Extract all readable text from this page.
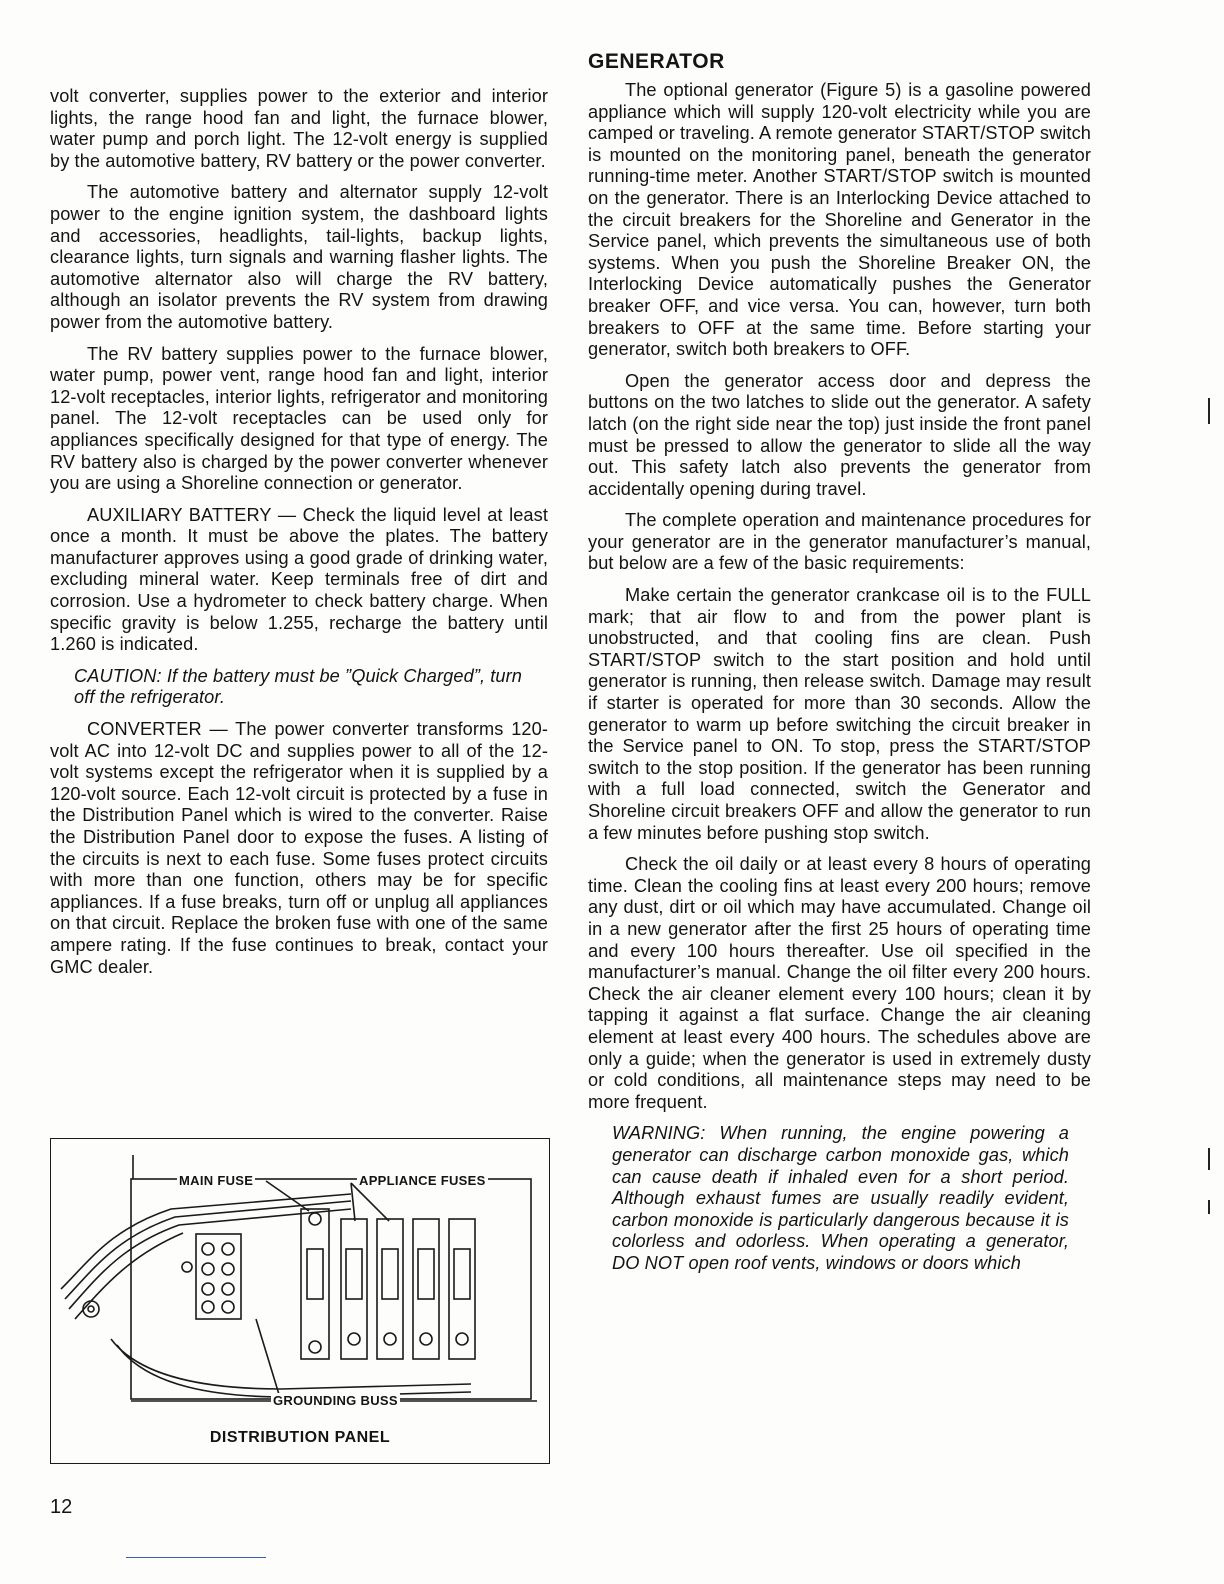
volt converter, supplies power to the exterior and interior lights, the range hood fan and light, the furnace blower, water pump and porch light. The 12-volt energy is supplied by the automotive battery, RV battery or the power converter.

The automotive battery and alternator supply 12-volt power to the engine ignition system, the dashboard lights and accessories, headlights, tail-lights, backup lights, clearance lights, turn signals and warning flasher lights. The automotive alternator also will charge the RV battery, although an isolator prevents the RV system from drawing power from the automotive battery.

The RV battery supplies power to the furnace blower, water pump, power vent, range hood fan and light, interior 12-volt receptacles, interior lights, refrigerator and monitoring panel. The 12-volt receptacles can be used only for appliances specifically designed for that type of energy. The RV battery also is charged by the power converter whenever you are using a Shoreline connection or generator.

AUXILIARY BATTERY — Check the liquid level at least once a month. It must be above the plates. The battery manufacturer approves using a good grade of drinking water, excluding mineral water. Keep terminals free of dirt and corrosion. Use a hydrometer to check battery charge. When specific gravity is below 1.255, recharge the battery until 1.260 is indicated.

CAUTION: If the battery must be ”Quick Charged”, turn off the refrigerator.

CONVERTER — The power converter transforms 120-volt AC into 12-volt DC and supplies power to all of the 12-volt systems except the refrigerator when it is supplied by a 120-volt source. Each 12-volt circuit is protected by a fuse in the Distribution Panel which is wired to the converter. Raise the Distribution Panel door to expose the fuses. A listing of the circuits is next to each fuse. Some fuses protect circuits with more than one function, others may be for specific appliances. If a fuse breaks, turn off or unplug all appliances on that circuit. Replace the broken fuse with one of the same ampere rating. If the fuse continues to break, contact your GMC dealer.

MAIN FUSE	APPLIANCE FUSES
GROUNDING BUSS
DISTRIBUTION PANEL
GENERATOR

The optional generator (Figure 5) is a gasoline powered appliance which will supply 120-volt electricity while you are camped or traveling. A remote generator START/STOP switch is mounted on the monitoring panel, beneath the generator running-time meter. Another START/STOP switch is mounted on the generator. There is an Interlocking Device attached to the circuit breakers for the Shoreline and Generator in the Service panel, which prevents the simultaneous use of both systems. When you push the Shoreline Breaker ON, the Interlocking Device automatically pushes the Generator breaker OFF, and vice versa. You can, however, turn both breakers to OFF at the same time. Before starting your generator, switch both breakers to OFF.

Open the generator access door and depress the buttons on the two latches to slide out the generator. A safety latch (on the right side near the top) just inside the front panel must be pressed to allow the generator to slide all the way out. This safety latch also prevents the generator from accidentally opening during travel.

The complete operation and maintenance procedures for your generator are in the generator manufacturer’s manual, but below are a few of the basic requirements:

Make certain the generator crankcase oil is to the FULL mark; that air flow to and from the power plant is unobstructed, and that cooling fins are clean. Push START/STOP switch to the start position and hold until generator is running, then release switch. Damage may result if starter is operated for more than 30 seconds. Allow the generator to warm up before switching the circuit breaker in the Service panel to ON. To stop, press the START/STOP switch to the stop position. If the generator has been running with a full load connected, switch the Generator and Shoreline circuit breakers OFF and allow the generator to run a few minutes before pushing stop switch.

Check the oil daily or at least every 8 hours of operating time. Clean the cooling fins at least every 200 hours; remove any dust, dirt or oil which may have accumulated. Change oil in a new generator after the first 25 hours of operating time and every 100 hours thereafter. Use oil specified in the manufacturer’s manual. Change the oil filter every 200 hours. Check the air cleaner element every 100 hours; clean it by tapping it against a flat surface. Change the air cleaning element at least every 400 hours. The schedules above are only a guide; when the generator is used in extremely dusty or cold conditions, all maintenance steps may need to be more frequent.

WARNING: When running, the engine powering a generator can discharge carbon monoxide gas, which can cause death if inhaled even for a short period. Although exhaust fumes are usually readily evident, carbon monoxide is particularly dangerous because it is colorless and odorless. When operating a generator, DO NOT open roof vents, windows or doors which

12
